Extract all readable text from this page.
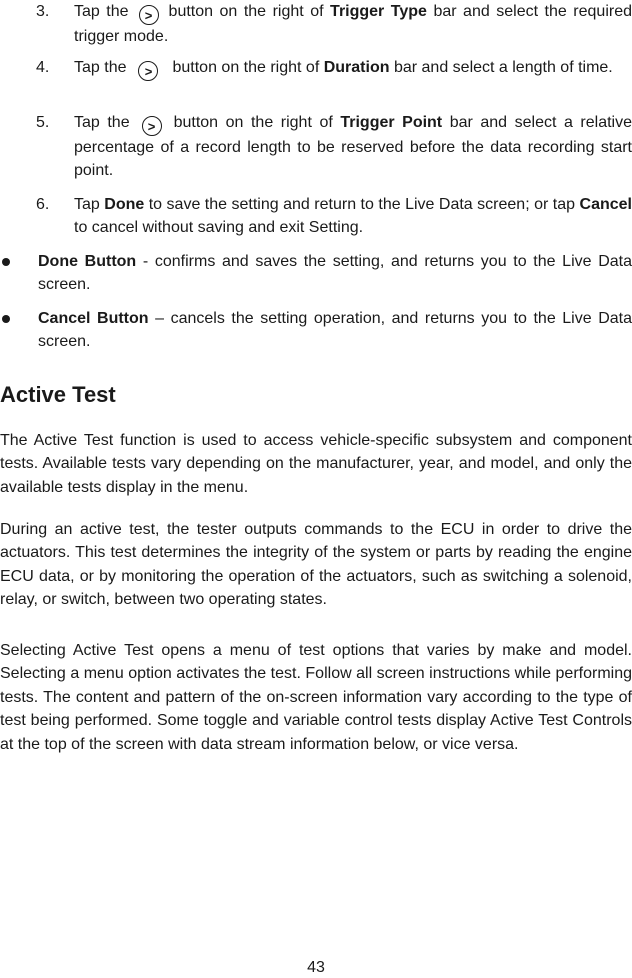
3. Tap the > button on the right of Trigger Type bar and select the required trigger mode.
4. Tap the > button on the right of Duration bar and select a length of time.
5. Tap the > button on the right of Trigger Point bar and select a relative percentage of a record length to be reserved before the data recording start point.
6. Tap Done to save the setting and return to the Live Data screen; or tap Cancel to cancel without saving and exit Setting.
Done Button - confirms and saves the setting, and returns you to the Live Data screen.
Cancel Button – cancels the setting operation, and returns you to the Live Data screen.
Active Test

The Active Test function is used to access vehicle-specific subsystem and component tests. Available tests vary depending on the manufacturer, year, and model, and only the available tests display in the menu.

During an active test, the tester outputs commands to the ECU in order to drive the actuators. This test determines the integrity of the system or parts by reading the engine ECU data, or by monitoring the operation of the actuators, such as switching a solenoid, relay, or switch, between two operating states.

Selecting Active Test opens a menu of test options that varies by make and model. Selecting a menu option activates the test. Follow all screen instructions while performing tests. The content and pattern of the on-screen information vary according to the type of test being performed. Some toggle and variable control tests display Active Test Controls at the top of the screen with data stream information below, or vice versa.

43
